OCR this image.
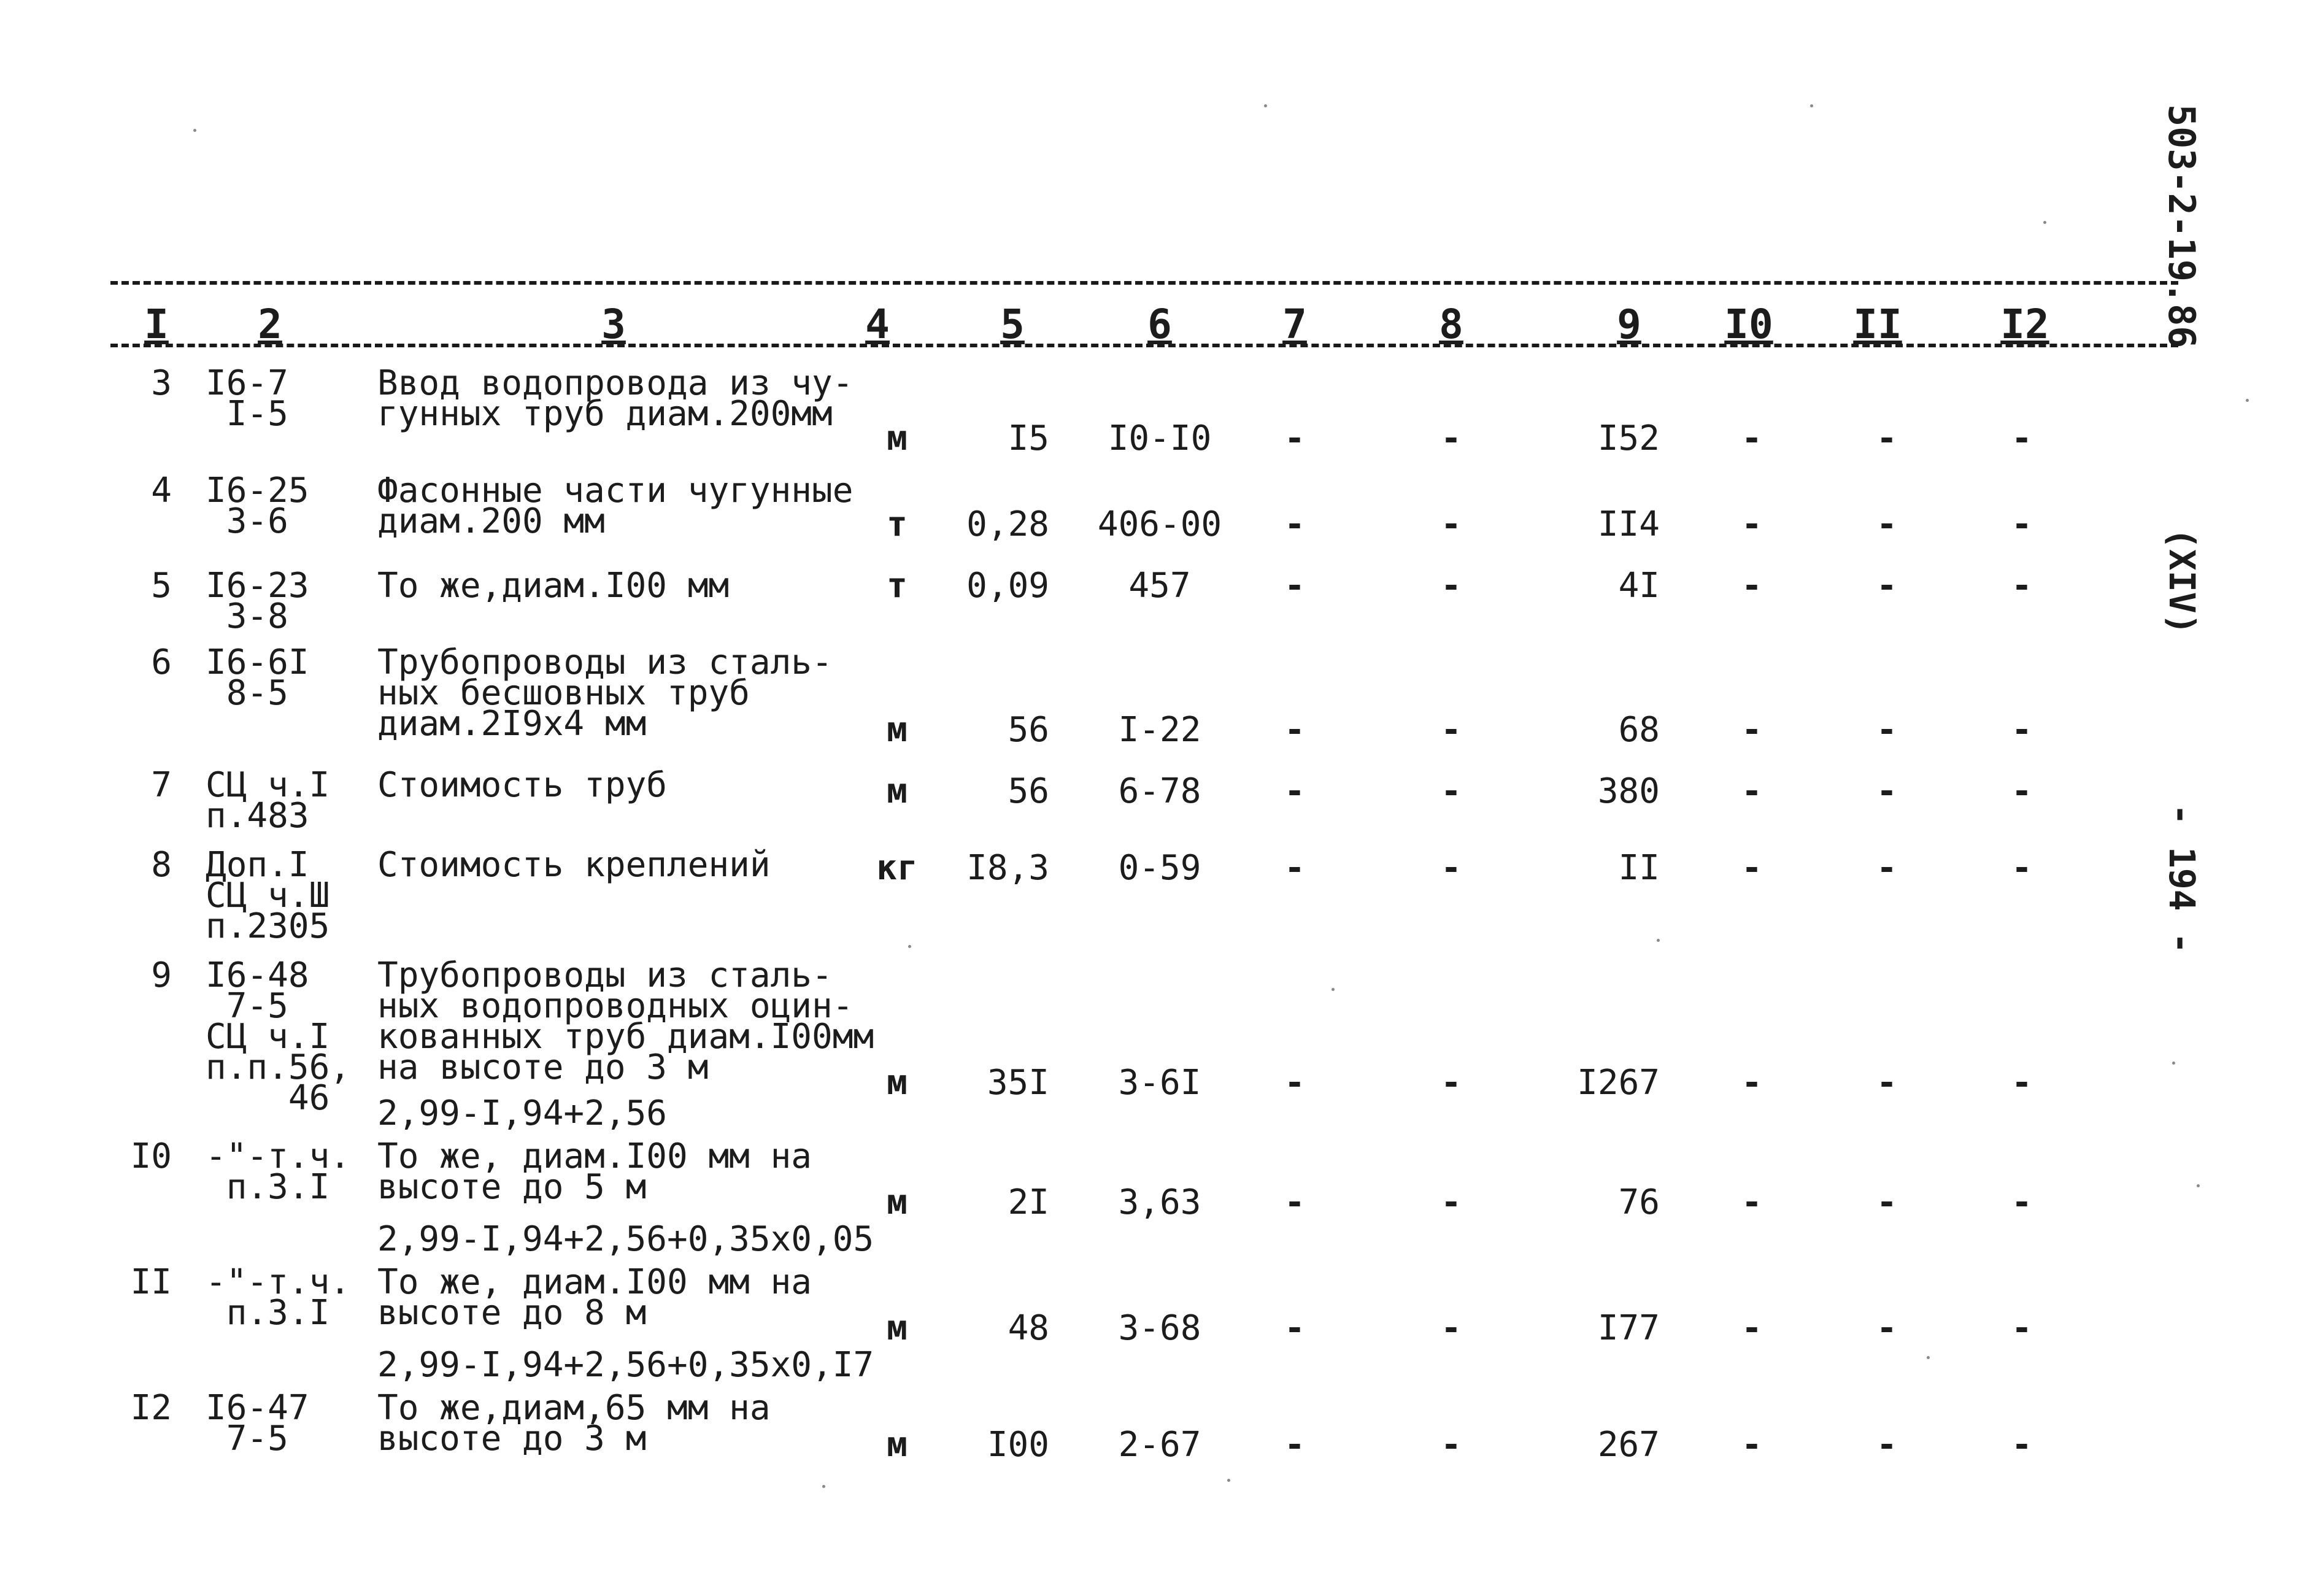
I 2	3	4	5	6	7	8	9 I0 II I2
3 I6-7
I-5
Ввод водопровода из чу-
гунных труб диам.200мм
м	I5 I0-I0 -	-	I52 -	-	-
4 I6-25
3-6
Фасонные части чугунные
диам.200 мм	т	0,28 406-00 -	-	II4 -	-	-
5 I6-23
3-8
То же,диам.I00 мм	т	0,09 457	-	-	4I -	-	-
6 I6-6I
8-5
Трубопроводы из сталь-
ных бесшовных труб
диам.2I9x4 мм	м	56 I-22 -	-	68 -	-	-
7 СЦ ч.I
п.483
Стоимость труб	м	56 6-78 -	-	380 -	-	-
8 Доп.I
СЦ ч.Ш
п.2305
Стоимость креплений	кг	I8,3 0-59 -	-	II -	-	-
9 I6-48
7-5
СЦ ч.I
п.п.56,
46
Трубопроводы из сталь-
ных водопроводных оцин-
кованных труб диам.I00мм
на высоте до 3 м
2,99-I,94+2,56
м	35I 3-6I -	-	I267 -	-	-
I0 -"-т.ч.
п.3.I
То же, диам.I00 мм на
высоте до 5 м
2,99-I,94+2,56+0,35x0,05
м	2I 3,63 -	-	76 -	-	-
II -"-т.ч.
п.3.I
То же, диам.I00 мм на
высоте до 8 м
2,99-I,94+2,56+0,35x0,I7
м	48 3-68 -	-	I77 -	-	-
I2 I6-47
7-5
То же,диам,65 мм на
высоте до 3 м	м	I00 2-67 -	-	267 -	-	-
503-2-19.86
(XIV)
- 194 -
